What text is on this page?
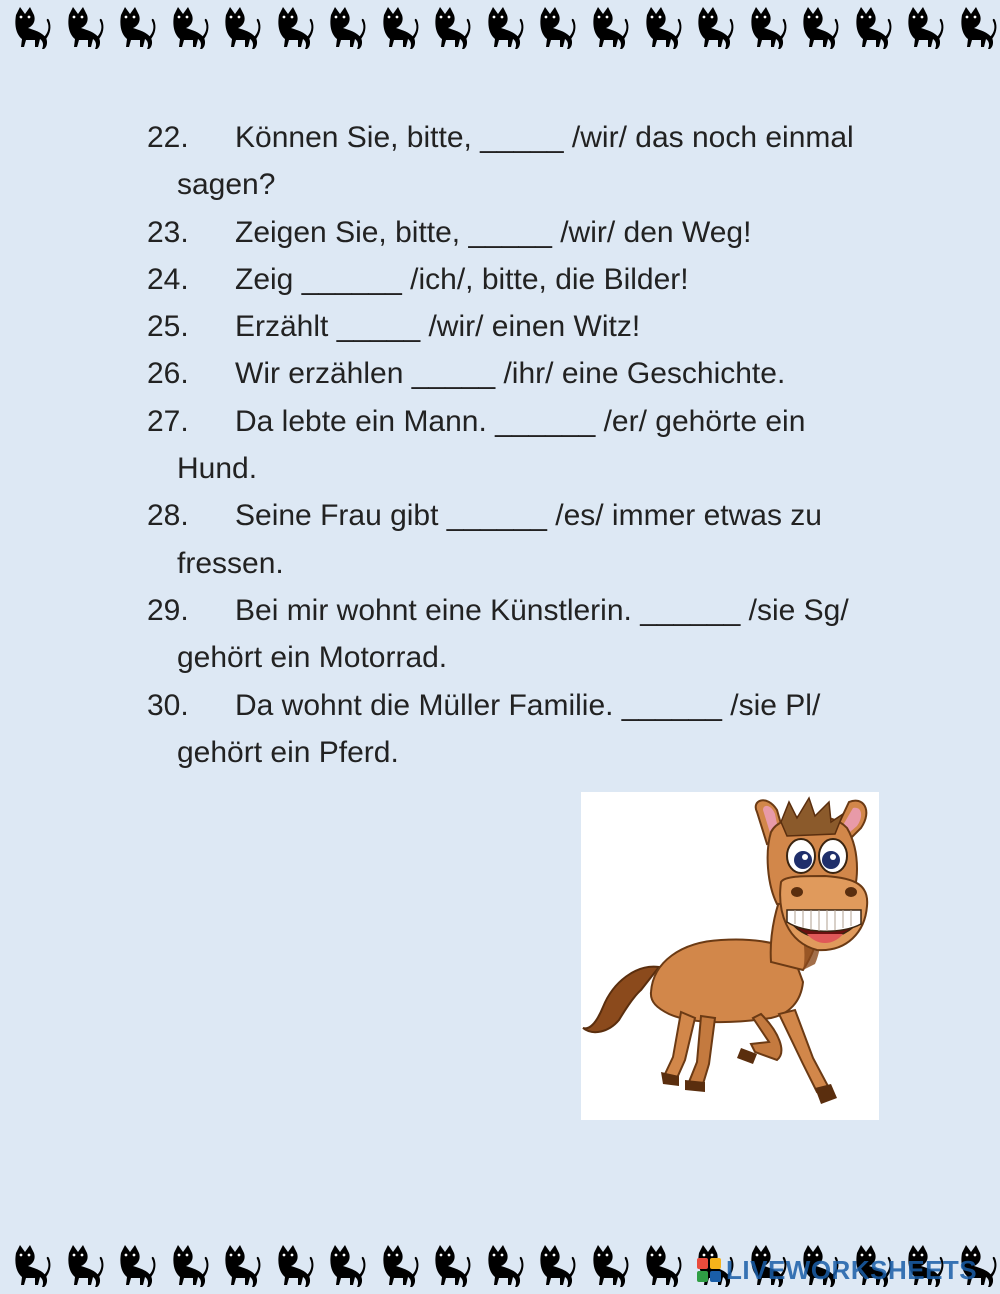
22. Können Sie, bitte, _____ /wir/ das noch einmal sagen?
23. Zeigen Sie, bitte, _____ /wir/ den Weg!
24. Zeig ______ /ich/, bitte, die Bilder!
25. Erzählt _____ /wir/ einen Witz!
26. Wir erzählen _____ /ihr/ eine Geschichte.
27. Da lebte ein Mann. ______ /er/ gehörte ein Hund.
28. Seine Frau gibt ______ /es/ immer etwas zu fressen.
29. Bei mir wohnt eine Künstlerin. ______ /sie Sg/ gehört ein Motorrad.
30. Da wohnt die Müller Familie. ______ /sie Pl/ gehört ein Pferd.
LIVEWORKSHEETS
